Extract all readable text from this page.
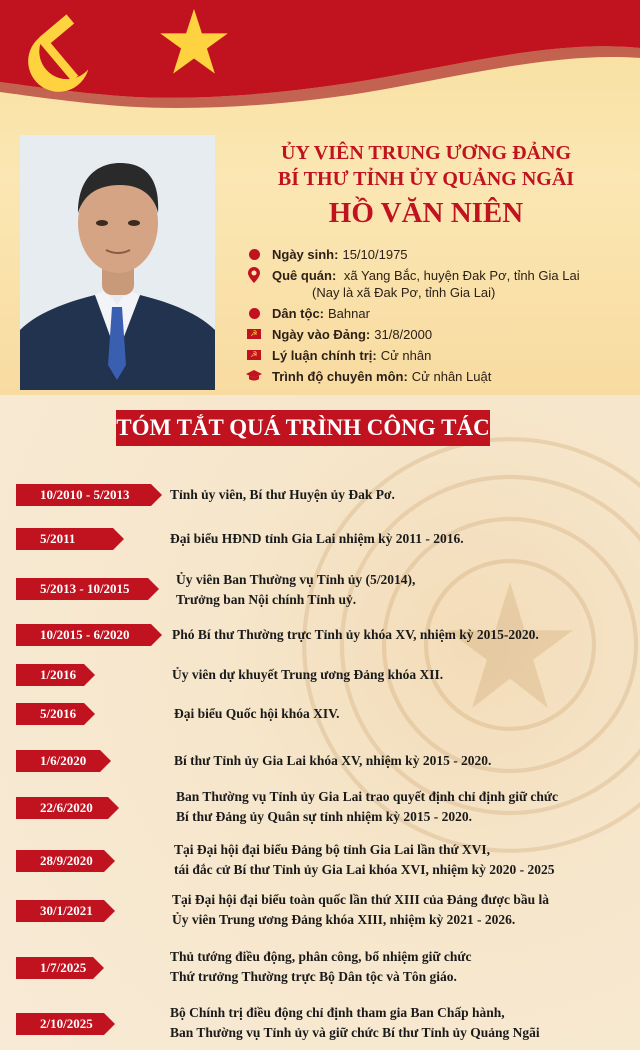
ỦY VIÊN TRUNG ƯƠNG ĐẢNG
BÍ THƯ TỈNH ỦY QUẢNG NGÃI
HỒ VĂN NIÊN
Ngày sinh: 15/10/1975
Quê quán: xã Yang Bắc, huyện Đak Pơ, tỉnh Gia Lai
(Nay là xã Đak Pơ, tỉnh Gia Lai)
Dân tộc: Bahnar
☭ Ngày vào Đảng: 31/8/2000
☭ Lý luận chính trị: Cử nhân
Trình độ chuyên môn: Cử nhân Luật
TÓM TẮT QUÁ TRÌNH CÔNG TÁC
10/2010 - 5/2013	Tỉnh ủy viên, Bí thư Huyện ủy Đak Pơ.
5/2011	Đại biểu HĐND tỉnh Gia Lai nhiệm kỳ 2011 - 2016.
5/2013 - 10/2015
Ủy viên Ban Thường vụ Tỉnh ủy (5/2014),
Trưởng ban Nội chính Tỉnh uỷ.
10/2015 - 6/2020	Phó Bí thư Thường trực Tỉnh ủy khóa XV, nhiệm kỳ 2015-2020.
1/2016	Ủy viên dự khuyết Trung ương Đảng khóa XII.
5/2016	Đại biểu Quốc hội khóa XIV.
1/6/2020	Bí thư Tỉnh ủy Gia Lai khóa XV, nhiệm kỳ 2015 - 2020.
22/6/2020
Ban Thường vụ Tỉnh ủy Gia Lai trao quyết định chỉ định giữ chức
Bí thư Đảng ủy Quân sự tỉnh nhiệm kỳ 2015 - 2020.
28/9/2020
Tại Đại hội đại biểu Đảng bộ tỉnh Gia Lai lần thứ XVI,
tái đắc cử Bí thư Tỉnh ủy Gia Lai khóa XVI, nhiệm kỳ 2020 - 2025
30/1/2021
Tại Đại hội đại biểu toàn quốc lần thứ XIII của Đảng được bầu là
Ủy viên Trung ương Đảng khóa XIII, nhiệm kỳ 2021 - 2026.
1/7/2025
Thủ tướng điều động, phân công, bổ nhiệm giữ chức
Thứ trưởng Thường trực Bộ Dân tộc và Tôn giáo.
2/10/2025
Bộ Chính trị điều động chỉ định tham gia Ban Chấp hành,
Ban Thường vụ Tỉnh ủy và giữ chức Bí thư Tỉnh ủy Quảng Ngãi
